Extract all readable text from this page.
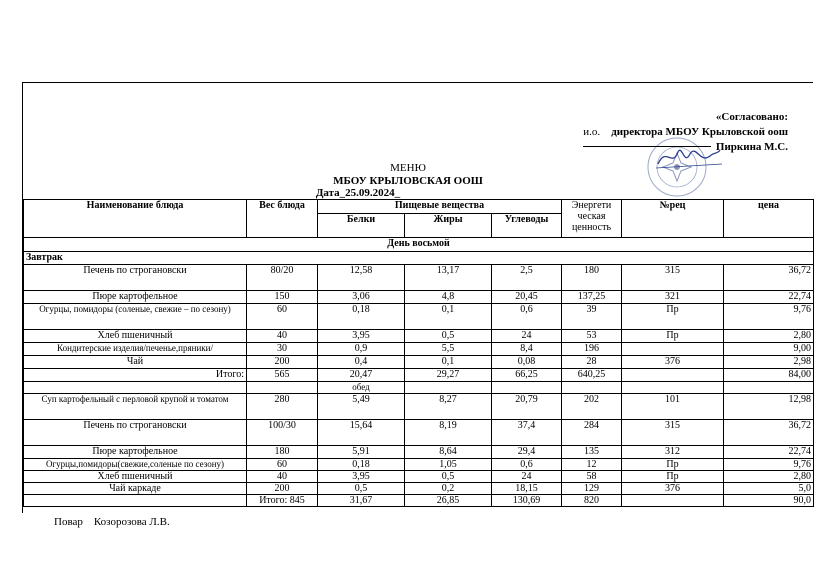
«Согласовано:
и.о. директора МБОУ Крыловской оош
Пиркина М.С.
МЕНЮ
МБОУ КРЫЛОВСКАЯ ООШ
Дата_25.09.2024_
Наименование блюда	Вес блюда	Пищевые вещества			Энергети ческая ценность	№рец	цена
		Белки	Жиры	Углеводы			
День восьмой							
Завтрак							
Печень по строгановски	80/20	12,58	13,17	2,5	180	315	36,72
Пюре картофельное	150	3,06	4,8	20,45	137,25	321	22,74
Огурцы, помидоры (соленые, свежие – по сезону)	60	0,18	0,1	0,6	39	Пр	9,76
Хлеб пшеничный	40	3,95	0,5	24	53	Пр	2,80
Кондитерские изделия/печенье,пряники/	30	0,9	5,5	8,4	196		9,00
Чай	200	0,4	0,1	0,08	28	376	2,98
Итого:	565	20,47	29,27	66,25	640,25		84,00
		обед					
Суп картофельный с перловой крупой и томатом	280	5,49	8,27	20,79	202	101	12,98
Печень по строгановски	100/30	15,64	8,19	37,4	284	315	36,72
Пюре картофельное	180	5,91	8,64	29,4	135	312	22,74
Огурцы,помидоры(свежие,соленые по сезону)	60	0,18	1,05	0,6	12	Пр	9,76
Хлеб пшеничный	40	3,95	0,5	24	58	Пр	2,80
Чай каркаде	200	0,5	0,2	18,15	129	376	5,0
	Итого: 845	31,67	26,85	130,69	820		90,0
Повар Козорозова Л.В.
